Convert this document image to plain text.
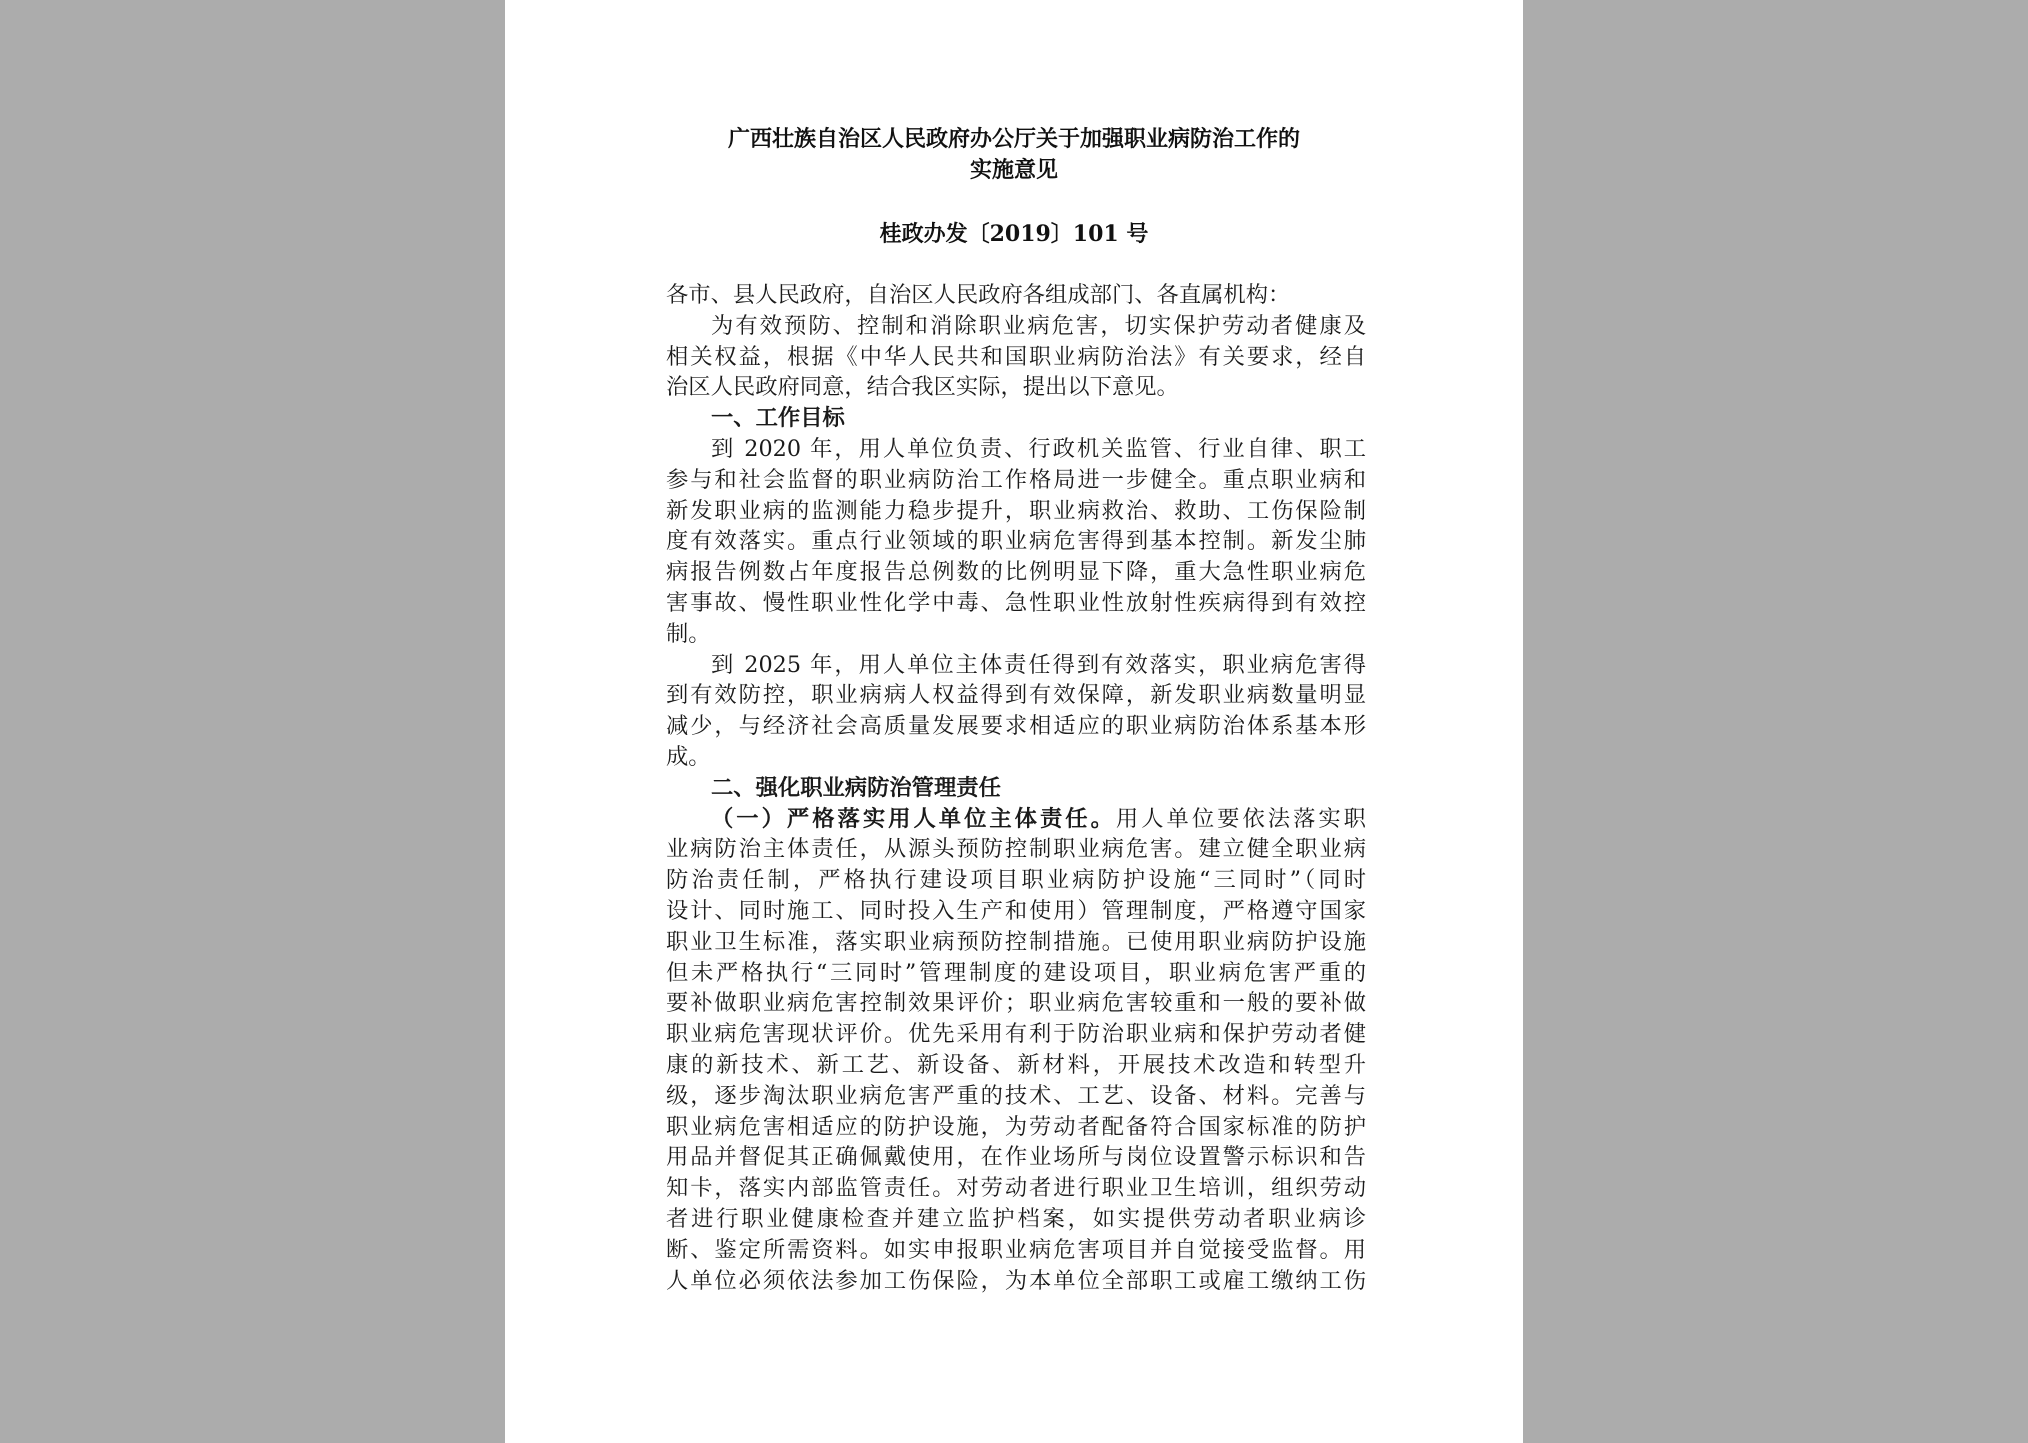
广西壮族自治区人民政府办公厅关于加强职业病防治工作的
实施意见
桂政办发〔2019〕101 号
各市、县人民政府，自治区人民政府各组成部门、各直属机构：
为有效预防、控制和消除职业病危害，切实保护劳动者健康及
相关权益，根据《中华人民共和国职业病防治法》有关要求，经自
治区人民政府同意，结合我区实际，提出以下意见。
一、工作目标
到 2020 年，用人单位负责、行政机关监管、行业自律、职工
参与和社会监督的职业病防治工作格局进一步健全。重点职业病和
新发职业病的监测能力稳步提升，职业病救治、救助、工伤保险制
度有效落实。重点行业领域的职业病危害得到基本控制。新发尘肺
病报告例数占年度报告总例数的比例明显下降，重大急性职业病危
害事故、慢性职业性化学中毒、急性职业性放射性疾病得到有效控
制。
到 2025 年，用人单位主体责任得到有效落实，职业病危害得
到有效防控，职业病病人权益得到有效保障，新发职业病数量明显
减少，与经济社会高质量发展要求相适应的职业病防治体系基本形
成。
二、强化职业病防治管理责任
（一）严格落实用人单位主体责任。用人单位要依法落实职
业病防治主体责任，从源头预防控制职业病危害。建立健全职业病
防治责任制，严格执行建设项目职业病防护设施“三同时”（同时
设计、同时施工、同时投入生产和使用）管理制度，严格遵守国家
职业卫生标准，落实职业病预防控制措施。已使用职业病防护设施
但未严格执行“三同时”管理制度的建设项目，职业病危害严重的
要补做职业病危害控制效果评价；职业病危害较重和一般的要补做
职业病危害现状评价。优先采用有利于防治职业病和保护劳动者健
康的新技术、新工艺、新设备、新材料，开展技术改造和转型升
级，逐步淘汰职业病危害严重的技术、工艺、设备、材料。完善与
职业病危害相适应的防护设施，为劳动者配备符合国家标准的防护
用品并督促其正确佩戴使用，在作业场所与岗位设置警示标识和告
知卡，落实内部监管责任。对劳动者进行职业卫生培训，组织劳动
者进行职业健康检查并建立监护档案，如实提供劳动者职业病诊
断、鉴定所需资料。如实申报职业病危害项目并自觉接受监督。用
人单位必须依法参加工伤保险，为本单位全部职工或雇工缴纳工伤
